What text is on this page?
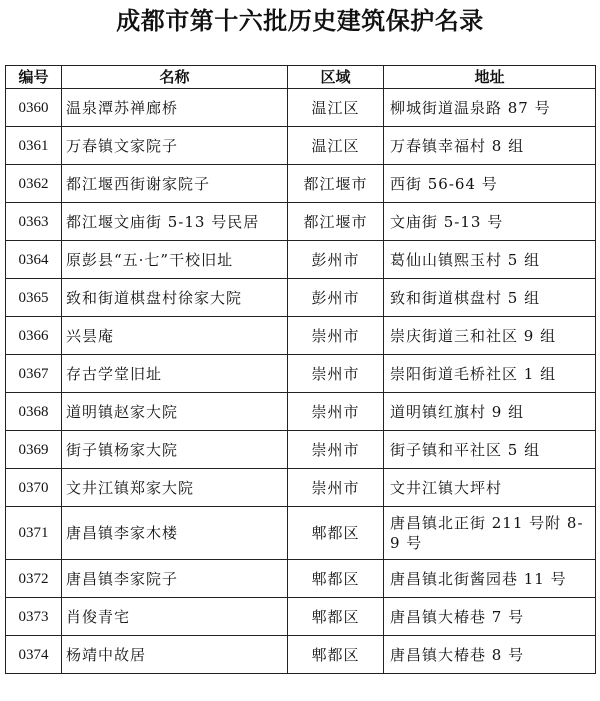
成都市第十六批历史建筑保护名录
编号	名称	区域	地址
0360	温泉潭苏禅廊桥	温江区	柳城街道温泉路 87 号
0361	万春镇文家院子	温江区	万春镇幸福村 8 组
0362	都江堰西街谢家院子	都江堰市	西街 56-64 号
0363	都江堰文庙街 5-13 号民居	都江堰市	文庙街 5-13 号
0364	原彭县“五·七”干校旧址	彭州市	葛仙山镇熙玉村 5 组
0365	致和街道棋盘村徐家大院	彭州市	致和街道棋盘村 5 组
0366	兴昙庵	崇州市	崇庆街道三和社区 9 组
0367	存古学堂旧址	崇州市	崇阳街道毛桥社区 1 组
0368	道明镇赵家大院	崇州市	道明镇红旗村 9 组
0369	街子镇杨家大院	崇州市	街子镇和平社区 5 组
0370	文井江镇郑家大院	崇州市	文井江镇大坪村
0371	唐昌镇李家木楼	郫都区	唐昌镇北正街 211 号附 8-9 号
0372	唐昌镇李家院子	郫都区	唐昌镇北街酱园巷 11 号
0373	肖俊青宅	郫都区	唐昌镇大椿巷 7 号
0374	杨靖中故居	郫都区	唐昌镇大椿巷 8 号
